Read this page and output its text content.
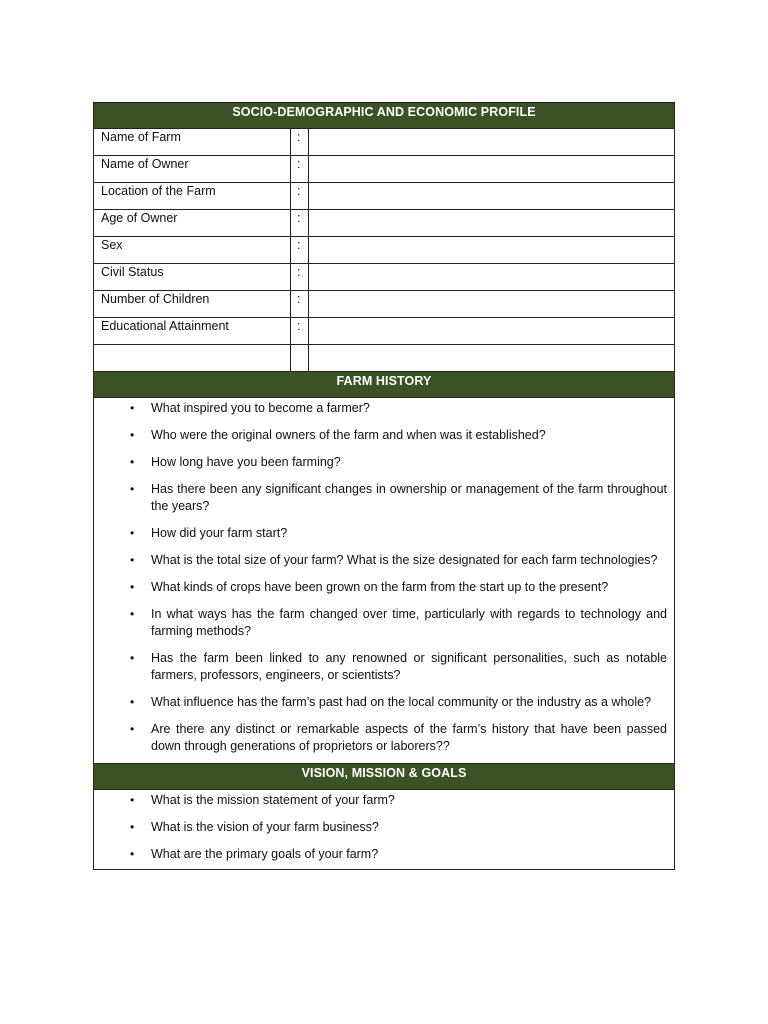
SOCIO-DEMOGRAPHIC AND ECONOMIC PROFILE
Name of Farm	:
Name of Owner	:
Location of the Farm	:
Age of Owner	:
Sex	:
Civil Status	:
Number of Children	:
Educational Attainment	:
FARM HISTORY
• What inspired you to become a farmer?
• Who were the original owners of the farm and when was it established?
• How long have you been farming?
• Has there been any significant changes in ownership or management of the farm throughout the years?
• How did your farm start?
• What is the total size of your farm? What is the size designated for each farm technologies?
• What kinds of crops have been grown on the farm from the start up to the present?
• In what ways has the farm changed over time, particularly with regards to technology and farming methods?
• Has the farm been linked to any renowned or significant personalities, such as notable farmers, professors, engineers, or scientists?
• What influence has the farm’s past had on the local community or the industry as a whole?
• Are there any distinct or remarkable aspects of the farm’s history that have been passed down through generations of proprietors or laborers??
VISION, MISSION & GOALS
• What is the mission statement of your farm?
• What is the vision of your farm business?
• What are the primary goals of your farm?
